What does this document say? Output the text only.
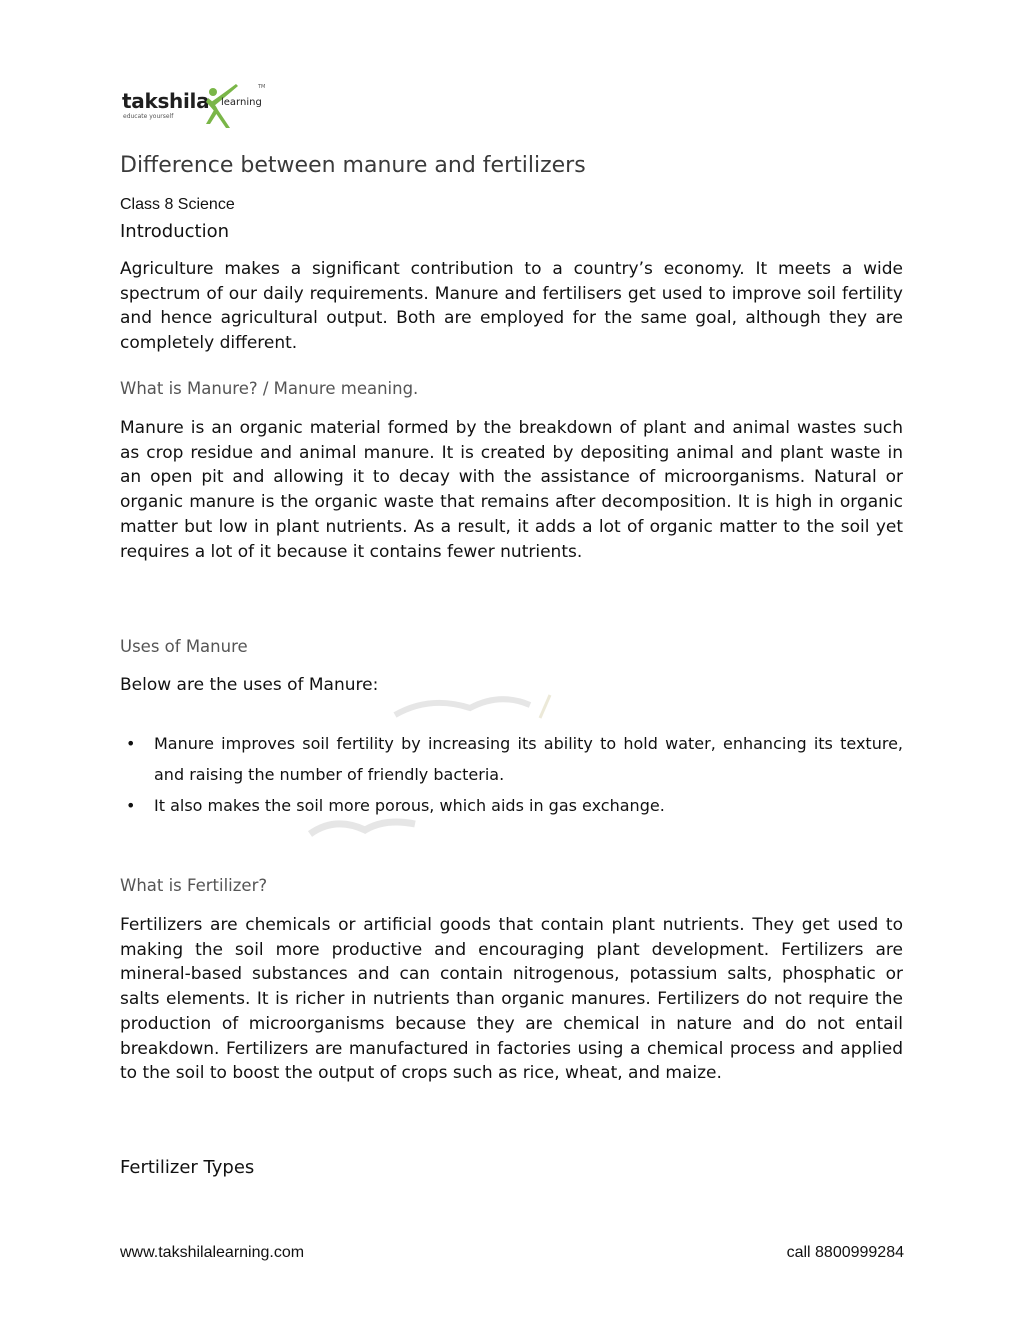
takshila learning
TM
educate yourself
Difference between manure and fertilizers
Class 8 Science
Introduction

Agriculture makes a significant contribution to a country’s economy. It meets a wide spectrum of our daily requirements. Manure and fertilisers get used to improve soil fertility and hence agricultural output. Both are employed for the same goal, although they are completely different.

What is Manure? / Manure meaning.

Manure is an organic material formed by the breakdown of plant and animal wastes such as crop residue and animal manure. It is created by depositing animal and plant waste in an open pit and allowing it to decay with the assistance of microorganisms. Natural or organic manure is the organic waste that remains after decomposition. It is high in organic matter but low in plant nutrients. As a result, it adds a lot of organic matter to the soil yet requires a lot of it because it contains fewer nutrients.

Uses of Manure
Below are the uses of Manure:
• Manure improves soil fertility by increasing its ability to hold water, enhancing its texture, and raising the number of friendly bacteria.
• It also makes the soil more porous, which aids in gas exchange.
What is Fertilizer?

Fertilizers are chemicals or artificial goods that contain plant nutrients. They get used to making the soil more productive and encouraging plant development. Fertilizers are mineral-based substances and can contain nitrogenous, potassium salts, phosphatic or salts elements. It is richer in nutrients than organic manures. Fertilizers do not require the production of microorganisms because they are chemical in nature and do not entail breakdown. Fertilizers are manufactured in factories using a chemical process and applied to the soil to boost the output of crops such as rice, wheat, and maize.

Fertilizer Types
www.takshilalearning.com	call 8800999284
